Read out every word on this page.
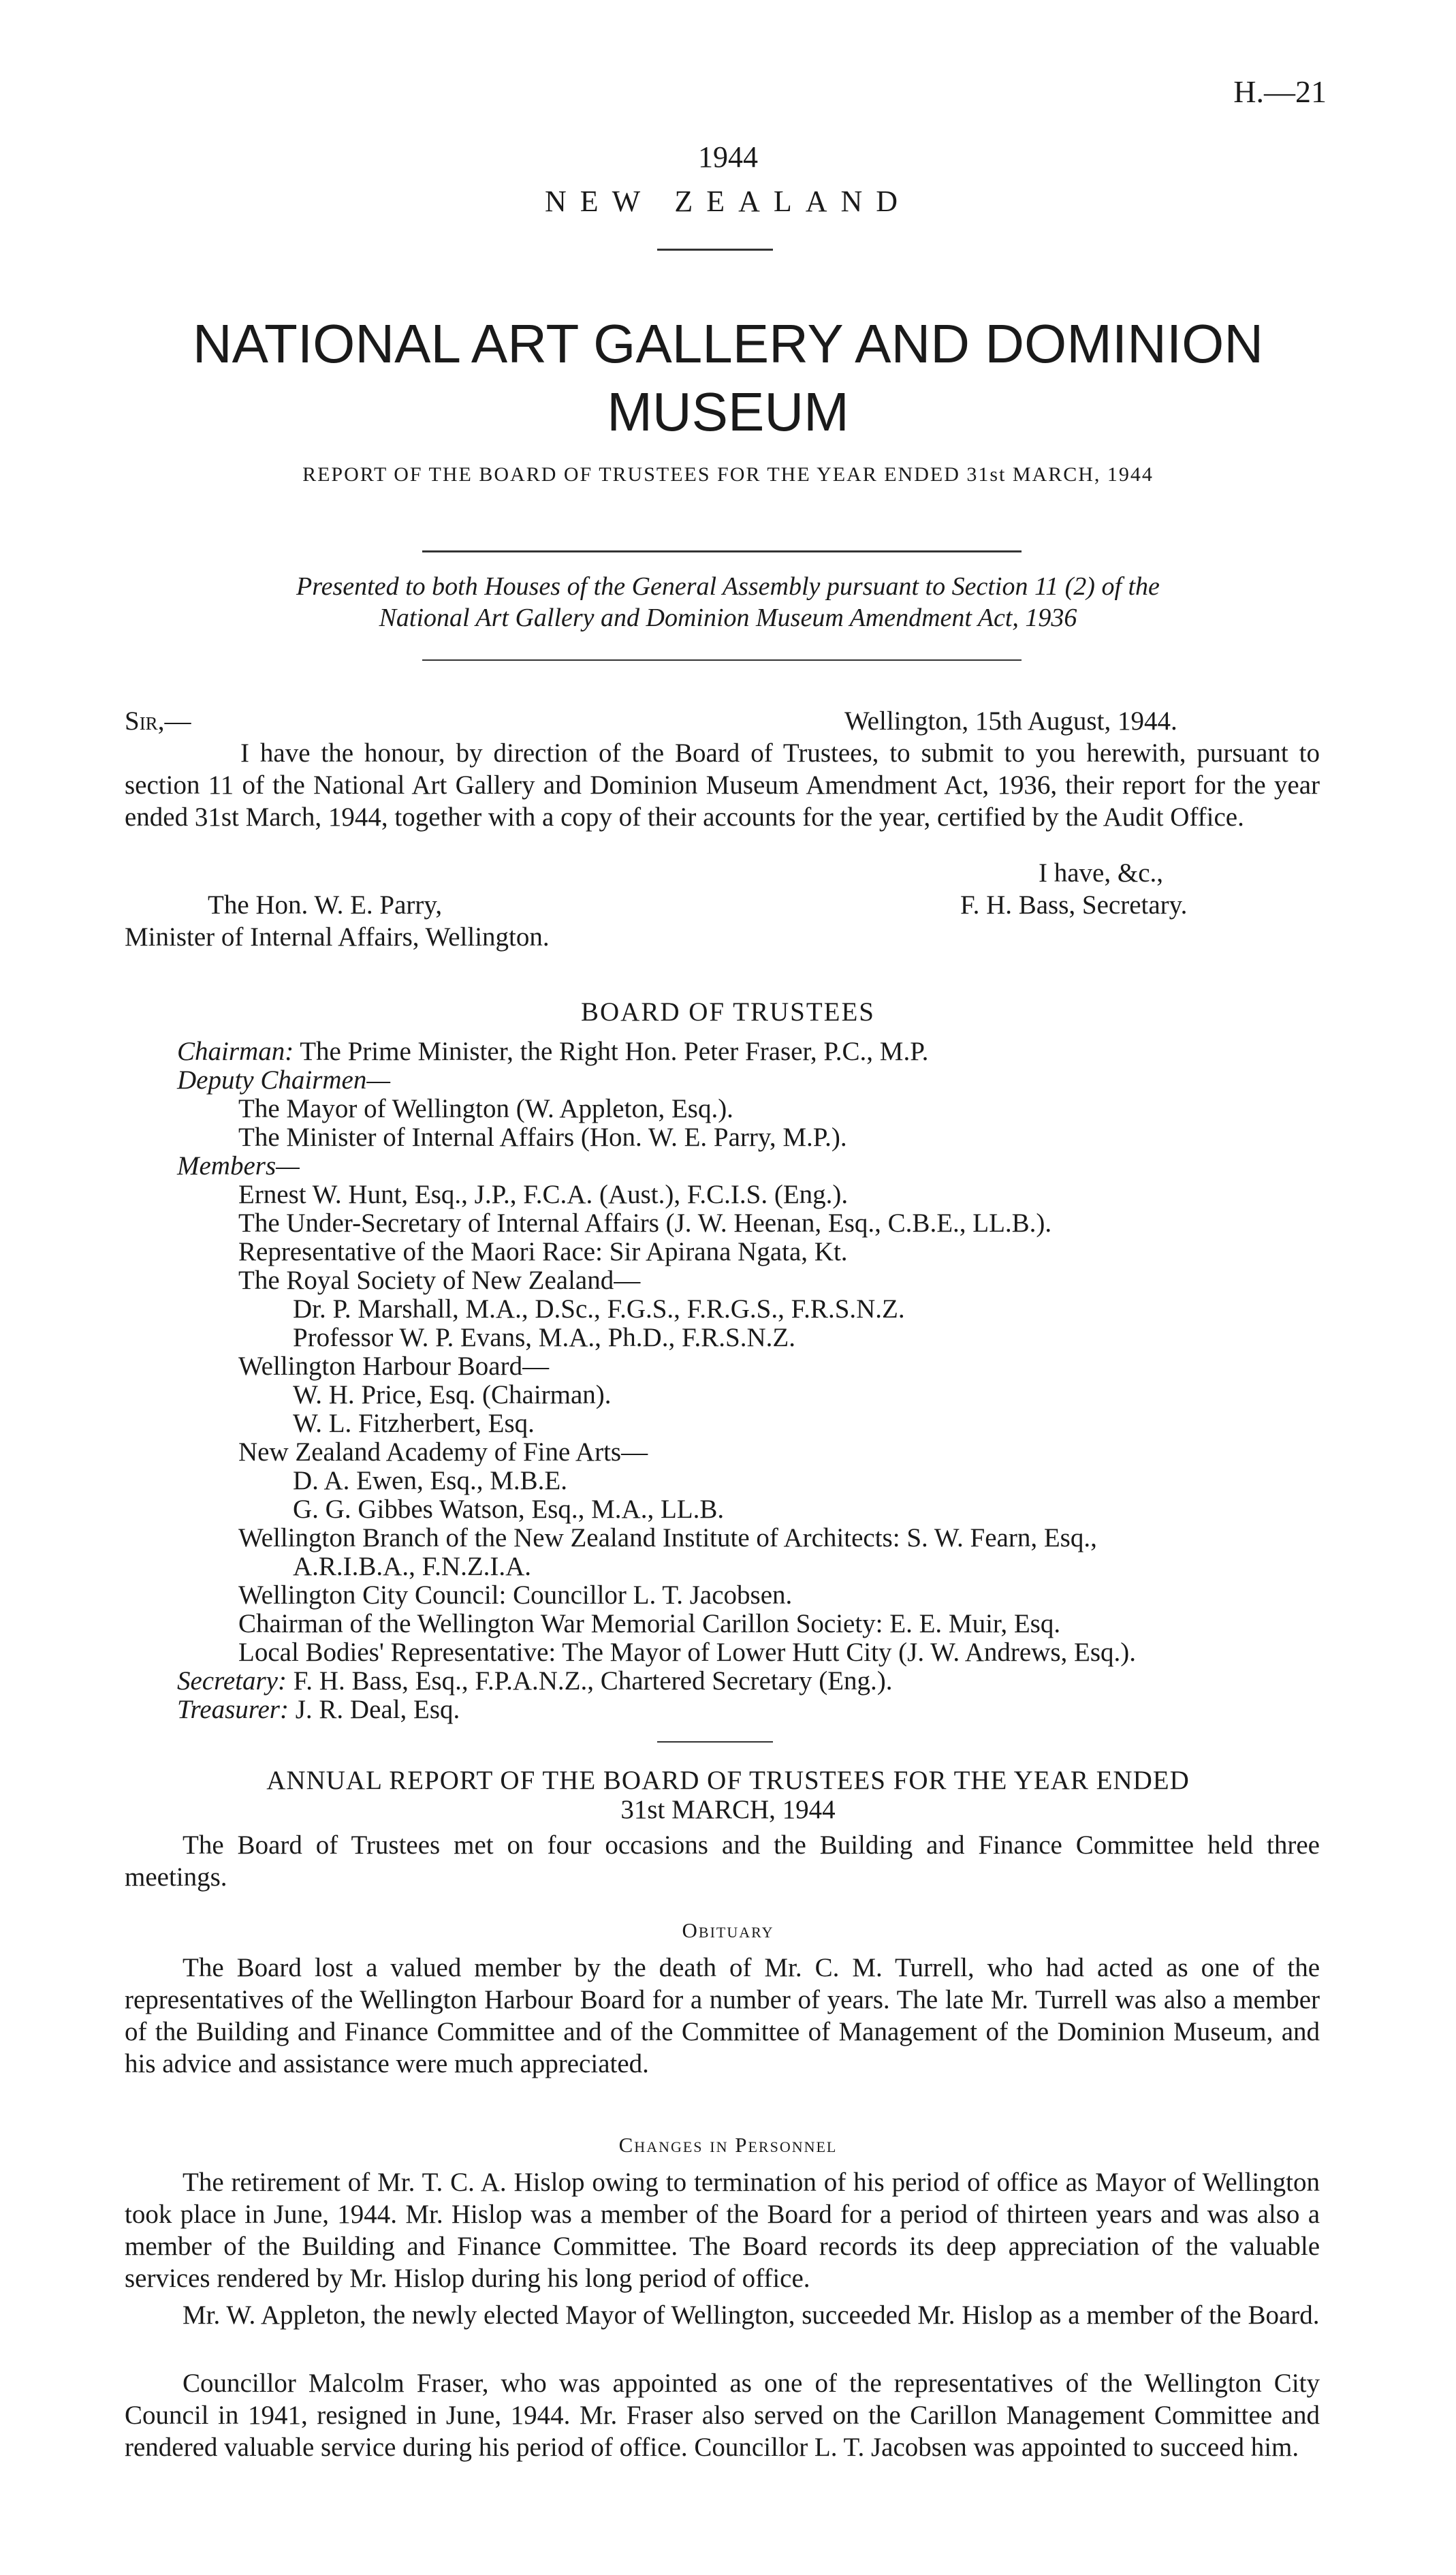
H.—21
1944
NEW ZEALAND
NATIONAL ART GALLERY AND DOMINION
MUSEUM
REPORT OF THE BOARD OF TRUSTEES FOR THE YEAR ENDED 31st MARCH, 1944
Presented to both Houses of the General Assembly pursuant to Section 11 (2) of the
National Art Gallery and Dominion Museum Amendment Act, 1936
Sir,—	Wellington, 15th August, 1944.
I have the honour, by direction of the Board of Trustees, to submit to you herewith, pursuant to section 11 of the National Art Gallery and Dominion Museum Amendment Act, 1936, their report for the year ended 31st March, 1944, together with a copy of their accounts for the year, certified by the Audit Office.
I have, &c.,
The Hon. W. E. Parry,	F. H. Bass, Secretary.
Minister of Internal Affairs, Wellington.
BOARD OF TRUSTEES
Chairman: The Prime Minister, the Right Hon. Peter Fraser, P.C., M.P.
Deputy Chairmen—
The Mayor of Wellington (W. Appleton, Esq.).
The Minister of Internal Affairs (Hon. W. E. Parry, M.P.).
Members—
Ernest W. Hunt, Esq., J.P., F.C.A. (Aust.), F.C.I.S. (Eng.).
The Under-Secretary of Internal Affairs (J. W. Heenan, Esq., C.B.E., LL.B.).
Representative of the Maori Race: Sir Apirana Ngata, Kt.
The Royal Society of New Zealand—
Dr. P. Marshall, M.A., D.Sc., F.G.S., F.R.G.S., F.R.S.N.Z.
Professor W. P. Evans, M.A., Ph.D., F.R.S.N.Z.
Wellington Harbour Board—
W. H. Price, Esq. (Chairman).
W. L. Fitzherbert, Esq.
New Zealand Academy of Fine Arts—
D. A. Ewen, Esq., M.B.E.
G. G. Gibbes Watson, Esq., M.A., LL.B.
Wellington Branch of the New Zealand Institute of Architects: S. W. Fearn, Esq.,
A.R.I.B.A., F.N.Z.I.A.
Wellington City Council: Councillor L. T. Jacobsen.
Chairman of the Wellington War Memorial Carillon Society: E. E. Muir, Esq.
Local Bodies' Representative: The Mayor of Lower Hutt City (J. W. Andrews, Esq.).
Secretary: F. H. Bass, Esq., F.P.A.N.Z., Chartered Secretary (Eng.).
Treasurer: J. R. Deal, Esq.
ANNUAL REPORT OF THE BOARD OF TRUSTEES FOR THE YEAR ENDED
31st MARCH, 1944
The Board of Trustees met on four occasions and the Building and Finance Committee held three meetings.
Obituary
The Board lost a valued member by the death of Mr. C. M. Turrell, who had acted as one of the representatives of the Wellington Harbour Board for a number of years. The late Mr. Turrell was also a member of the Building and Finance Committee and of the Committee of Management of the Dominion Museum, and his advice and assistance were much appreciated.
Changes in Personnel
The retirement of Mr. T. C. A. Hislop owing to termination of his period of office as Mayor of Wellington took place in June, 1944. Mr. Hislop was a member of the Board for a period of thirteen years and was also a member of the Building and Finance Committee. The Board records its deep appreciation of the valuable services rendered by Mr. Hislop during his long period of office.
Mr. W. Appleton, the newly elected Mayor of Wellington, succeeded Mr. Hislop as a member of the Board.
Councillor Malcolm Fraser, who was appointed as one of the representatives of the Wellington City Council in 1941, resigned in June, 1944. Mr. Fraser also served on the Carillon Management Committee and rendered valuable service during his period of office. Councillor L. T. Jacobsen was appointed to succeed him.
